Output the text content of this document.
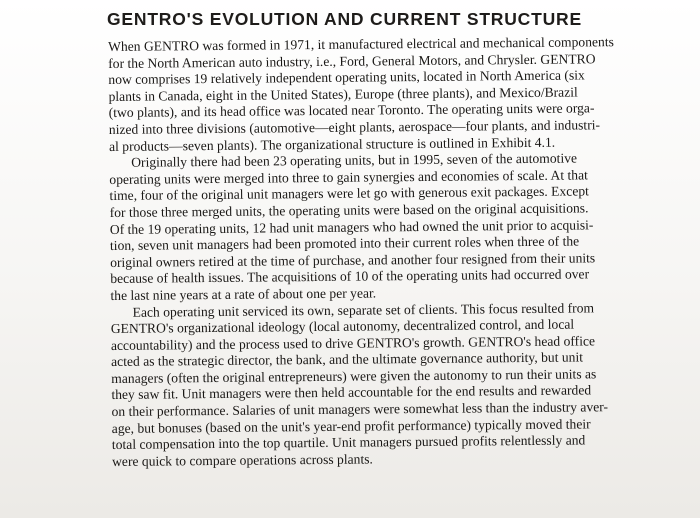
GENTRO'S EVOLUTION AND CURRENT STRUCTURE
When GENTRO was formed in 1971, it manufactured electrical and mechanical components
for the North American auto industry, i.e., Ford, General Motors, and Chrysler. GENTRO
now comprises 19 relatively independent operating units, located in North America (six
plants in Canada, eight in the United States), Europe (three plants), and Mexico/Brazil
(two plants), and its head office was located near Toronto. The operating units were orga-
nized into three divisions (automotive—eight plants, aerospace—four plants, and industri-
al products—seven plants). The organizational structure is outlined in Exhibit 4.1.
Originally there had been 23 operating units, but in 1995, seven of the automotive
operating units were merged into three to gain synergies and economies of scale. At that
time, four of the original unit managers were let go with generous exit packages. Except
for those three merged units, the operating units were based on the original acquisitions.
Of the 19 operating units, 12 had unit managers who had owned the unit prior to acquisi-
tion, seven unit managers had been promoted into their current roles when three of the
original owners retired at the time of purchase, and another four resigned from their units
because of health issues. The acquisitions of 10 of the operating units had occurred over
the last nine years at a rate of about one per year.
Each operating unit serviced its own, separate set of clients. This focus resulted from
GENTRO's organizational ideology (local autonomy, decentralized control, and local
accountability) and the process used to drive GENTRO's growth. GENTRO's head office
acted as the strategic director, the bank, and the ultimate governance authority, but unit
managers (often the original entrepreneurs) were given the autonomy to run their units as
they saw fit. Unit managers were then held accountable for the end results and rewarded
on their performance. Salaries of unit managers were somewhat less than the industry aver-
age, but bonuses (based on the unit's year-end profit performance) typically moved their
total compensation into the top quartile. Unit managers pursued profits relentlessly and
were quick to compare operations across plants.
